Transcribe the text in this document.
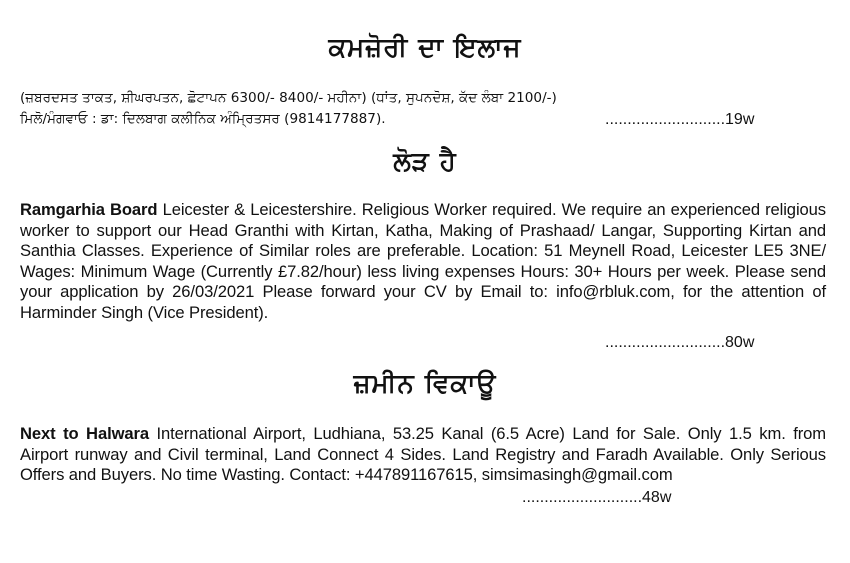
ਕਮਜ਼ੋਰੀ ਦਾ ਇਲਾਜ
(ਜ਼ਬਰਦਸਤ ਤਾਕਤ, ਸ਼ੀਘਰਪਤਨ, ਛੋਟਾਪਨ 6300/- 8400/- ਮਹੀਨਾ) (ਧਾਂਤ, ਸੁਪਨਦੋਸ਼, ਕੱਦ ਲੰਬਾ 2100/-)
ਮਿਲੋ/ਮੰਗਵਾਓ : ਡਾ: ਦਿਲਬਾਗ ਕਲੀਨਿਕ ਅੰਮ੍ਰਿਤਸਰ (9814177887).	...........................19w
ਲੋੜ ਹੈ
Ramgarhia Board Leicester & Leicestershire. Religious Worker required. We require an experienced religious worker to support our Head Granthi with Kirtan, Katha, Making of Prashaad/ Langar, Supporting Kirtan and Santhia Classes. Experience of Similar roles are preferable. Location: 51 Meynell Road, Leicester LE5 3NE/ Wages: Minimum Wage (Currently £7.82/hour) less living expenses Hours: 30+ Hours per week. Please send your application by 26/03/2021 Please forward your CV by Email to: info@rbluk.com, for the attention of Harminder Singh (Vice President).
...........................80w
ਜ਼ਮੀਨ ਵਿਕਾਊ
Next to Halwara International Airport, Ludhiana, 53.25 Kanal (6.5 Acre) Land for Sale. Only 1.5 km. from Airport runway and Civil terminal, Land Connect 4 Sides. Land Registry and Faradh Available. Only Serious Offers and Buyers. No time Wasting. Contact: +447891167615, simsimasingh@gmail.com
...........................48w
